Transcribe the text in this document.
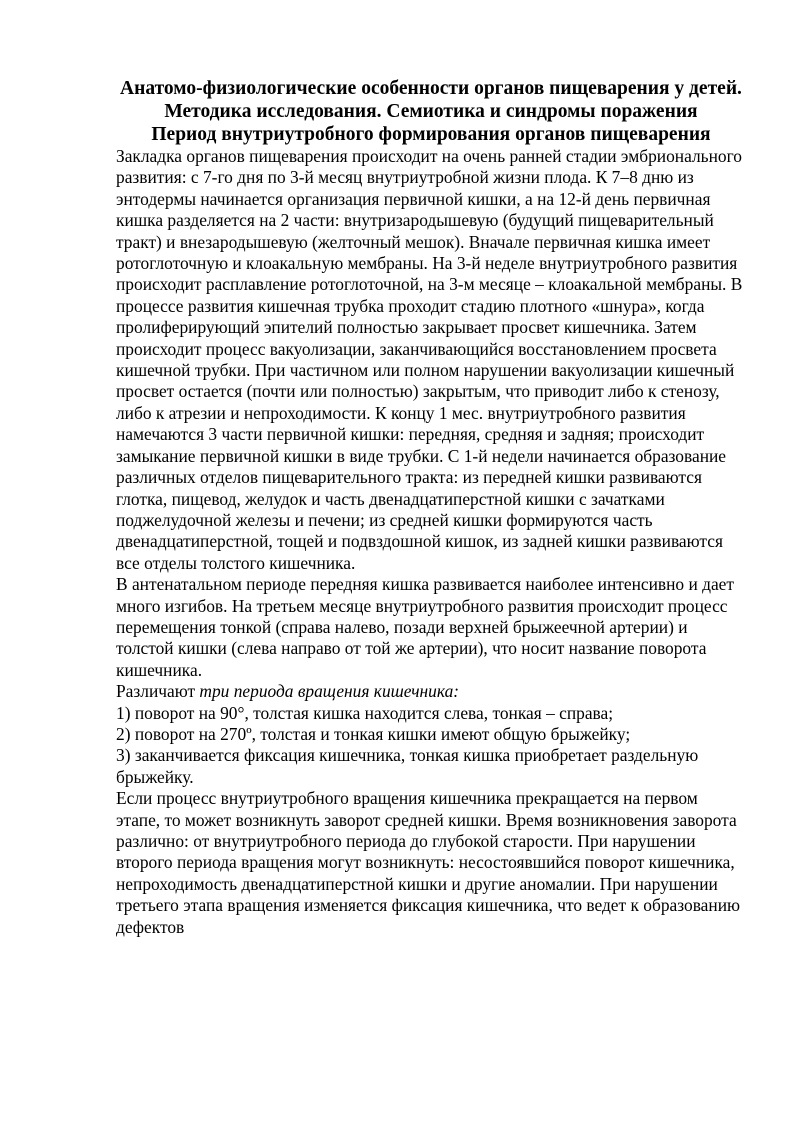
Анатомо-физиологические особенности органов пищеварения у детей. Методика исследования. Семиотика и синдромы поражения
Период внутриутробного формирования органов пищеварения

Закладка органов пищеварения происходит на очень ранней стадии эмбрионального развития: с 7-го дня по 3-й месяц внутриутробной жизни плода. К 7–8 дню из энтодермы начинается организация первичной кишки, а на 12-й день первичная кишка разделяется на 2 части: внутризародышевую (будущий пищеварительный тракт) и внезародышевую (желточный мешок). Вначале первичная кишка имеет ротоглоточную и клоакальную мембраны. На 3-й неделе внутриутробного развития происходит расплавление ротоглоточной, на 3-м месяце – клоакальной мембраны. В процессе развития кишечная трубка проходит стадию плотного «шнура», когда пролиферирующий эпителий полностью закрывает просвет кишечника. Затем происходит процесс вакуолизации, заканчивающийся восстановлением просвета кишечной трубки. При частичном или полном нарушении вакуолизации кишечный просвет остается (почти или полностью) закрытым, что приводит либо к стенозу, либо к атрезии и непроходимости. К концу 1 мес. внутриутробного развития намечаются 3 части первичной кишки: передняя, средняя и задняя; происходит замыкание первичной кишки в виде трубки. С 1-й недели начинается образование различных отделов пищеварительного тракта: из передней кишки развиваются глотка, пищевод, желудок и часть двенадцатиперстной кишки с зачатками поджелудочной железы и печени; из средней кишки формируются часть двенадцатиперстной, тощей и подвздошной кишок, из задней кишки развиваются все отделы толстого кишечника.

В антенатальном периоде передняя кишка развивается наиболее интенсивно и дает много изгибов. На третьем месяце внутриутробного развития происходит процесс перемещения тонкой (справа налево, позади верхней брыжеечной артерии) и толстой кишки (слева направо от той же артерии), что носит название поворота кишечника.

Различают три периода вращения кишечника:

1) поворот на 90°, толстая кишка находится слева, тонкая – справа;

2) поворот на 270º, толстая и тонкая кишки имеют общую брыжейку;

3) заканчивается фиксация кишечника, тонкая кишка приобретает раздельную брыжейку.

Если процесс внутриутробного вращения кишечника прекращается на первом этапе, то может возникнуть заворот средней кишки. Время возникновения заворота различно: от внутриутробного периода до глубокой старости. При нарушении второго периода вращения могут возникнуть: несостоявшийся поворот кишечника, непроходимость двенадцатиперстной кишки и другие аномалии. При нарушении третьего этапа вращения изменяется фиксация кишечника, что ведет к образованию дефектов
